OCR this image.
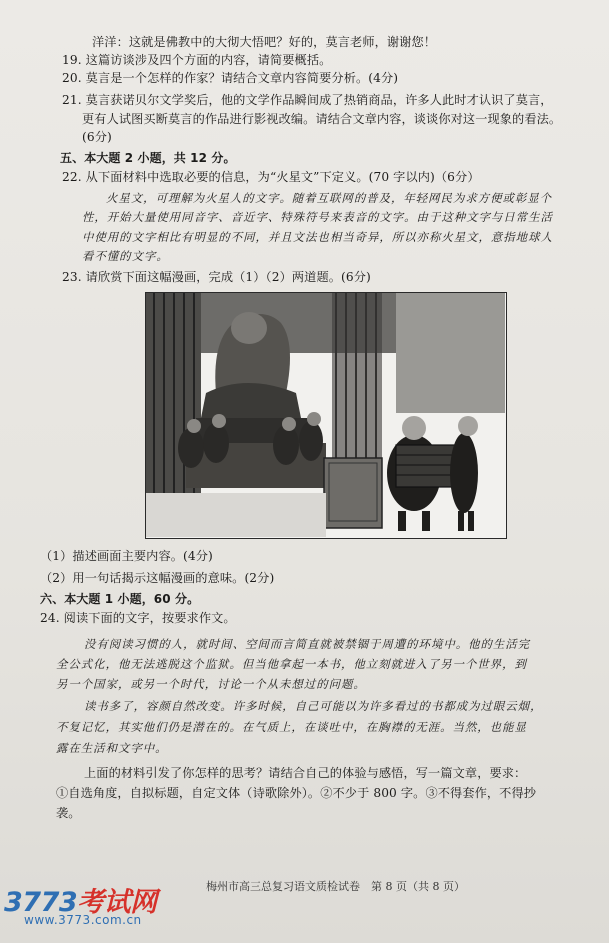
洋洋：这就是佛教中的大彻大悟吧？好的，莫言老师，谢谢您！
19. 这篇访谈涉及四个方面的内容，请简要概括。
20. 莫言是一个怎样的作家？请结合文章内容简要分析。(4分)
21. 莫言获诺贝尔文学奖后，他的文学作品瞬间成了热销商品，许多人此时才认识了莫言，
更有人试图买断莫言的作品进行影视改编。请结合文章内容，谈谈你对这一现象的看法。
(6分)
五、本大题 2 小题，共 12 分。
22. 从下面材料中选取必要的信息，为“火星文”下定义。(70 字以内)（6分）
火星文，可理解为火星人的文字。随着互联网的普及，年轻网民为求方便或彰显个
性，开始大量使用同音字、音近字、特殊符号来表音的文字。由于这种文字与日常生活
中使用的文字相比有明显的不同，并且文法也相当奇异，所以亦称火星文，意指地球人
看不懂的文字。
23. 请欣赏下面这幅漫画，完成（1）（2）两道题。(6分)
（1）描述画面主要内容。(4分)
（2）用一句话揭示这幅漫画的意味。(2分)
六、本大题 1 小题，60 分。
24. 阅读下面的文字，按要求作文。
没有阅读习惯的人，就时间、空间而言简直就被禁锢于周遭的环境中。他的生活完
全公式化，他无法逃脱这个监狱。但当他拿起一本书，他立刻就进入了另一个世界，到
另一个国家，或另一个时代，讨论一个从未想过的问题。
读书多了，容颜自然改变。许多时候，自己可能以为许多看过的书都成为过眼云烟，
不复记忆，其实他们仍是潜在的。在气质上，在谈吐中，在胸襟的无涯。当然，也能显
露在生活和文字中。
上面的材料引发了你怎样的思考？请结合自己的体验与感悟，写一篇文章，要求：
①自选角度，自拟标题，自定文体（诗歌除外）。②不少于 800 字。③不得套作，不得抄
袭。
梅州市高三总复习语文质检试卷　第 8 页（共 8 页）
3773考试网
www.3773.com.cn
